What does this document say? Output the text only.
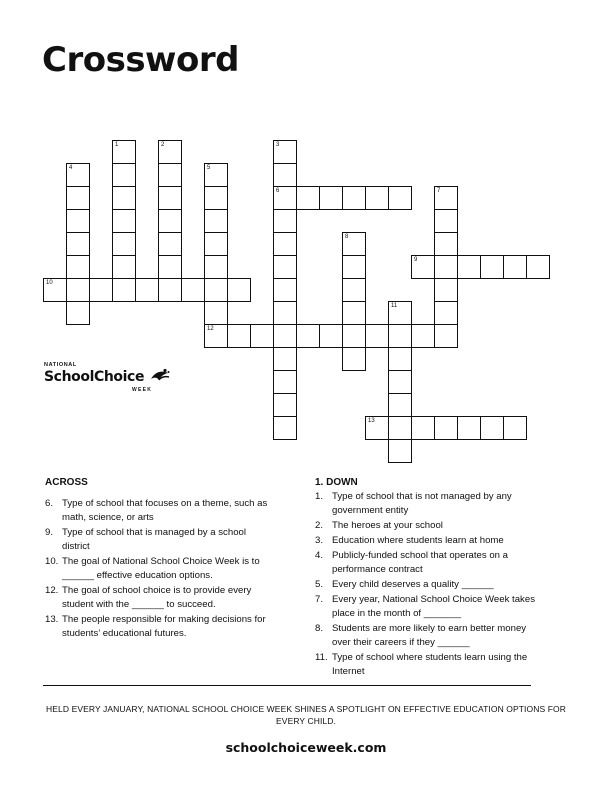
Crossword
1	2	3
6
4	5
7
8
9
10
11
12
13
NATIONAL
SchoolChoice
WEEK
ACROSS
6. Type of school that focuses on a theme, such as math, science, or arts
9. Type of school that is managed by a school district
10. The goal of National School Choice Week is to ______ effective education options.
12. The goal of school choice is to provide every student with the ______ to succeed.
13. The people responsible for making decisions for students’ educational futures.
1. DOWN
1. Type of school that is not managed by any government entity
2. The heroes at your school
3. Education where students learn at home
4. Publicly-funded school that operates on a performance contract
5. Every child deserves a quality ______
7. Every year, National School Choice Week takes place in the month of _______
8. Students are more likely to earn better money over their careers if they ______
11. Type of school where students learn using the Internet
HELD EVERY JANUARY, NATIONAL SCHOOL CHOICE WEEK SHINES A SPOTLIGHT ON EFFECTIVE EDUCATION OPTIONS FOR EVERY CHILD.
schoolchoiceweek.com
